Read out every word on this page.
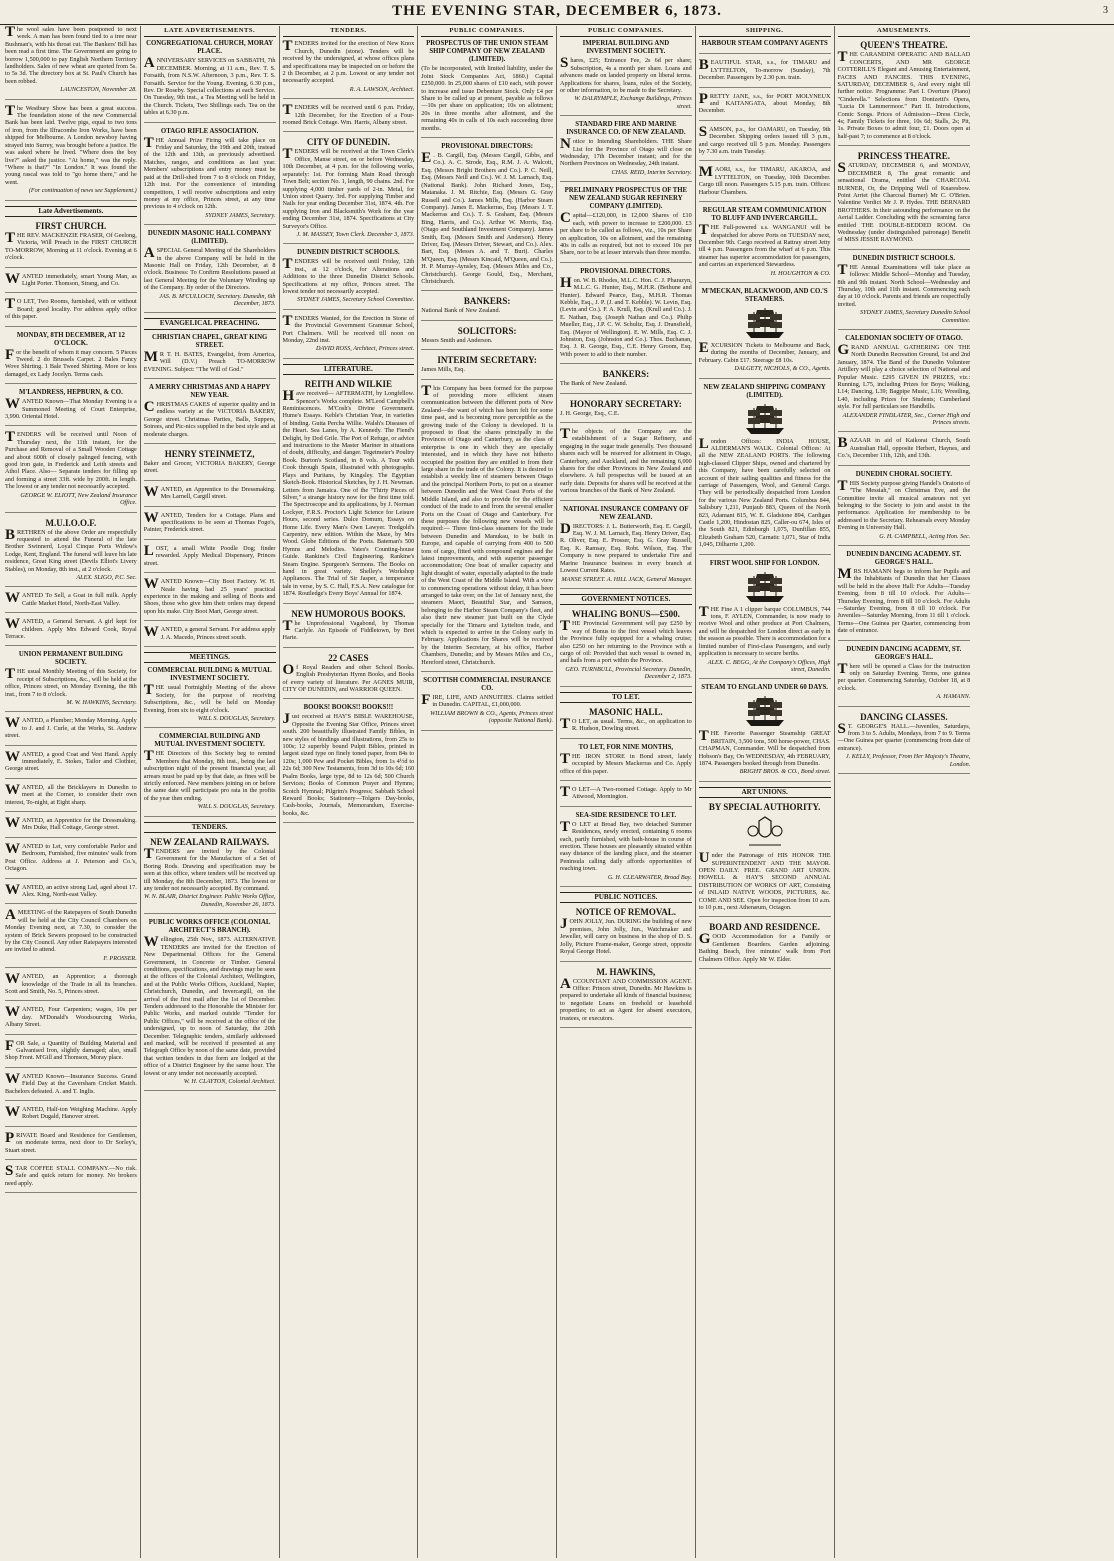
THE EVENING STAR, DECEMBER 6, 1873.	3

The wool sales have been postponed to next week. A man has been found tied to a tree near Bushman's, with his throat cut. The Bankers' Bill has been read a first time. The Government are going to borrow 1,500,000 to pay English Northern Territory landholders. Sales of new wheat are quoted from 5s. to 5s 3d. The directory box at St. Paul's Church has been robbed.

LAUNCESTON, November 28.

The Westbury Show has been a great success. The foundation stone of the new Commercial Bank has been laid. Twelve pigs, equal to two tons of iron, from the Ilfracombe Iron Works, have been shipped for Melbourne. A London newsboy having strayed into Surrey, was brought before a justice. He was asked where he lived. "Where does the boy live?" asked the justice. "At home," was the reply. "Where is that?" "In London." It was found the young rascal was told to "go home there," and he went.

(For continuation of news see Supplement.)

Late Advertisements.
FIRST CHURCH.

THE REV. MACKENZIE FRASER, Of Geelong, Victoria, Will Preach in the FIRST CHURCH TO-MORROW, Morning at 11 o'clock. Evening at 6 o'clock.

WANTED immediately, smart Young Man, as Light Porter. Thomson, Strang, and Co.

T O LET, Two Rooms, furnished, with or without Board; good locality. For address apply office of this paper.

MONDAY, 8TH DECEMBER, AT 12 O'CLOCK.

For the benefit of whom it may concern. 5 Pieces Tweed. 2 do Brussels Carpet. 2 Bales Fancy Wove Shirting. 1 Bale Tweed Shirting. More or less damaged, ex Lady Jocelyn. Terms cash.

M'LANDRESS, HEPBURN, & CO.

WANTED Known—That Monday Evening is a Summoned Meeting of Court Enterprise, 3,990. Oriental Hotel.

TENDERS will be received until Noon of Thursday next, the 11th instant, for the Purchase and Removal of a Small Wooden Cottage and about 600ft of closely palinged fencing, with good iron gate, in Frederick and Leith streets and Athol Place. Also— Separate tenders for filling up and forming a street 33ft. wide by 200ft. in length. The lowest or any tender not necessarily accepted.

GEORGE W. ELIOTT, New Zealand Insurance Office.

M.U.I.O.O.F.

BRETHREN of the above Order are respectfully requested to attend the Funeral of the late Brother Swinnerd, Loyal Cinque Ports Widow's Lodge, Kent, England. The funeral will leave his late residence, Great King street (Devils Elliot's Livery Stables), on Monday, 8th inst., at 2 o'clock.

ALEX. SLIGO, P.C. Sec.

WANTED To Sell, a Goat in full milk. Apply Cattle Market Hotel, North-East Valley.

WANTED, a General Servant. A girl kept for children. Apply Mrs Edward Cook, Royal Terrace.

UNION PERMANENT BUILDING SOCIETY.

THE usual Monthly Meeting of this Society, for receipt of Subscriptions, &c., will be held at the office, Princes street, on Monday Evening, the 8th inst., from 7 to 8 o'clock.

M. W. HAWKINS, Secretary.

WANTED, a Plumber; Monday Morning. Apply to J. and J. Curle, at the Works, St. Andrew street.

WANTED, a good Coat and Vest Hand. Apply immediately, E. Stokes, Tailor and Clothier, George street.

WANTED, all the Bricklayers in Dunedin to meet at the Corner, to consider their own interest, To-night, at Eight sharp.

WANTED, an Apprentice for the Dressmaking. Mrs Duke, Hall Cottage, George street.

WANTED to Let, very comfortable Parlor and Bedroom, Furnished, five minutes' walk from Post Office. Address at J. Peterson and Co.'s, Octagon.

WANTED, an active strong Lad, aged about 17. Alex. King, North-east Valley.

A MEETING of the Ratepayers of South Dunedin will be held at the City Council Chambers on Monday Evening next, at 7.30, to consider the system of Brick Sewers proposed to be constructed by the City Council. Any other Ratepayers interested are invited to attend.

F. PROSSER.

WANTED, an Apprentice; a thorough knowledge of the Trade in all its branches. Scott and Smith, No. 5, Princes street.

WANTED, Four Carpenters; wages, 10s per day. M'Donald's Woodsourcing Works, Albany Street.

FOR Sale, a Quantity of Building Material and Galvanised Iron, slightly damaged; also, small Shop Front. M'Gill and Thomson, Moray place.

WANTED Known—Insurance Success. Grand Field Day at the Caversham Cricket Match. Bachelors defeated. A. and T. Inglis.

WANTED, Half-ton Weighing Machine. Apply Robert Dugald, Hanover street.

PRIVATE Board and Residence for Gentlemen, on moderate terms, next door to Dr Sorley's, Stuart street.

STAR COFFEE STALL COMPANY.—No risk. Safe and quick return for money. No brokers need apply.

LATE ADVERTISEMENTS.
CONGREGATIONAL CHURCH, MORAY PLACE.

ANNIVERSARY SERVICES on SABBATH, 7th DECEMBER. Morning, at 11 a.m., Rev. T. S. Forsaith, from N.S.W. Afternoon, 3 p.m., Rev. T. S. Forsaith. Service for the Young. Evening, 6.30 p.m., Rev. Dr Roseby. Special collections at each Service. On Tuesday, 9th inst., a Tea Meeting will be held in the Church. Tickets, Two Shillings each. Tea on the tables at 6.30 p.m.

OTAGO RIFLE ASSOCIATION.

THE Annual Prize Firing will take place on Friday and Saturday, the 19th and 20th, instead of the 12th and 13th, as previously advertised. Matches, ranges, and conditions as last year. Members' subscriptions and entry money must be paid at the Drill-shed from 7 to 8 o'clock on Friday, 12th inst. For the convenience of intending competitors, I will receive subscriptions and entry money at my office, Princes street, at any time previous to 4 o'clock on 12th.

SYDNEY JAMES, Secretary.

DUNEDIN MASONIC HALL COMPANY (LIMITED).

A SPECIAL General Meeting of the Shareholders in the above Company will be held in the Masonic Hall on Friday, 12th December, at 8 o'clock. Business: To Confirm Resolutions passed at last General Meeting for the Voluntary Winding up of the Company. By order of the Directors.

JAS. B. M'CULLOCH, Secretary. Dunedin, 6th December, 1873.

EVANGELICAL PREACHING.
CHRISTIAN CHAPEL, GREAT KING STREET.

M R T. H. BATES, Evangelist, from America, Will (D.V.) Preach TO-MORROW EVENING. Subject: "The Will of God."

A MERRY CHRISTMAS AND A HAPPY NEW YEAR.

CHRISTMAS CAKES of superior quality and in endless variety at the VICTORIA BAKERY, George street. Christmas Parties, Balls, Suppers, Soirees, and Pic-nics supplied in the best style and at moderate charges.

HENRY STEINMETZ,

Baker and Grocer, VICTORIA BAKERY, George street.

WANTED, an Apprentice to the Dressmaking. Mrs Larnell, Cargill street.

WANTED, Tenders for a Cottage. Plans and specifications to be seen at Thomas Fogo's, Painter, Frederick street.

LOST, a small White Poodle Dog; finder rewarded. Apply Medical Dispensary, Princes street.

WANTED Known—City Boot Factory. W. H. Neale having had 25 years' practical experience in the making and selling of Boots and Shoes, those who give him their orders may depend upon his make. City Boot Mart, George street.

WANTED, a general Servant. For address apply J. A. Macedo, Princes street south.

MEETINGS.
COMMERCIAL BUILDING & MUTUAL INVESTMENT SOCIETY.

THE usual Fortnightly Meeting of the above Society, for the purpose of receiving Subscriptions, &c., will be held on Monday Evening, from six to eight o'clock.

WILL S. DOUGLAS, Secretary.

COMMERCIAL BUILDING AND MUTUAL INVESTMENT SOCIETY.

THE Directors of this Society beg to remind Members that Monday, 8th inst., being the last subscription night of the present financial year, all arrears must be paid up by that date, as fines will be strictly enforced. New members joining on or before the same date will participate pro rata in the profits of the year then ending.

WILL S. DOUGLAS, Secretary.

TENDERS.
NEW ZEALAND RAILWAYS.

TENDERS are invited by the Colonial Government for the Manufacture of a Set of Boring Rods. Drawing and specification may be seen at this office, where tenders will be received up till Monday, the 8th December, 1873. The lowest or any tender not necessarily accepted. By command.

W. N. BLAIR, District Engineer. Public Works Office, Dunedin, November 26, 1873.

PUBLIC WORKS OFFICE (COLONIAL ARCHITECT'S BRANCH).

Wellington, 25th Nov., 1873. ALTERNATIVE TENDERS are invited for the Erection of New Departmental Offices for the General Government, in Concrete or Timber. General conditions, specifications, and drawings may be seen at the offices of the Colonial Architect, Wellington, and at the Public Works Offices, Auckland, Napier, Christchurch, Dunedin, and Invercargill, on the arrival of the first mail after the 1st of December. Tenders addressed to the Honorable the Minister for Public Works, and marked outside "Tender for Public Offices," will be received at the office of the undersigned, up to noon of Saturday, the 20th December. Telegraphic tenders, similarly addressed and marked, will be received if presented at any Telegraph Office by noon of the same date, provided that written tenders in due form are lodged at the office of a District Engineer by the same hour. The lowest or any tender not necessarily accepted.

W. H. CLAYTON, Colonial Architect.

TENDERS.

TENDERS invited for the erection of New Knox Church, Dunedin (stone). Tenders will be received by the undersigned, at whose offices plans and specifications may be inspected on or before the 2 th December, at 2 p.m. Lowest or any tender not necessarily accepted.

R. A. LAWSON, Architect.

TENDERS will be received until 6 p.m. Friday, 12th December, for the Erection of a Four-roomed Brick Cottage. Wm. Harris, Albany street.

CITY OF DUNEDIN.

TENDERS will be received at the Town Clerk's Office, Manse street, on or before Wednesday, 10th December, at 4 p.m. for the following works, separately: 1st. For forming Main Road through Town Belt; section No. 1, length, 90 chains. 2nd. For supplying 4,000 timber yards of 2-in. Metal, for Union street Quarry. 3rd. For supplying Timber and Nails for year ending December 31st, 1874. 4th. For supplying Iron and Blacksmith's Work for the year ending December 31st, 1874. Specifications at City Surveyor's Office.

J. M. MASSEY, Town Clerk. December 3, 1873.

DUNEDIN DISTRICT SCHOOLS.

TENDERS will be received until Friday, 12th inst., at 12 o'clock, for Alterations and Additions to the three Dunedin District Schools. Specifications at my office, Princes street. The lowest tender not necessarily accepted.

SYDNEY JAMES, Secretary School Committee.

TENDERS Wanted, for the Erection in Stone of the Provincial Government Grammar School, Port Chalmers. Will be received till noon on Monday, 22nd inst.

DAVID ROSS, Architect, Princes street.

LITERATURE.
REITH AND WILKIE

Have received— AFTERMATH, by Longfellow. Spencer's Works complete. M'Leod Campbell's Reminiscences. M'Cosh's Divine Government. Hume's Essays. Keble's Christian Year, in varieties of binding. Gutta Percha Willie. Walsh's Diseases of the Heart. Sea Lanes, by A. Kennedy. The Fiend's Delight, by Dod Grile. The Port of Refuge, or advice and instructions to the Master Mariner in situations of doubt, difficulty, and danger. Tegetmeier's Poultry Book. Burton's Scotland, in 8 vols. A Tour with Cook through Spain, illustrated with photographs. Plays and Puritans, by Kingsley. The Egyptian Sketch-Book. Historical Sketches, by J. H. Newman. Letters from Jamaica. One of the "Thirty Pieces of Silver," a strange history now for the first time told. The Spectroscope and its applications, by J. Norman Lockyer, F.R.S. Proctor's Light Science for Leisure Hours, second series. Dulce Domum, Essays on Home Life. Every Man's Own Lawyer. Tredgold's Carpentry, new edition. Within the Maze, by Mrs Wood. Globe Editions of the Poets. Bateman's 500 Hymns and Melodies. Yates's Counting-house Guide. Rankine's Civil Engineering. Rankine's Steam Engine. Spurgeon's Sermons. The Books on hand in great variety. Shelley's Workshop Appliances. The Trial of Sir Jasper, a temperance tale in verse, by S. C. Hall, F.S.A. New catalogue for 1874. Routledge's Every Boys' Annual for 1874.

NEW HUMOROUS BOOKS.

The Unprofessional Vagabond, by Thomas Carlyle. An Episode of Fiddletown, by Bret Harte.

22 CASES

Of Royal Readers and other School Books. English Presbyterian Hymn Books, and Books of every variety of literature. Per AGNES MUIR, CITY OF DUNEDIN, and WARRIOR QUEEN.

BOOKS! BOOKS!! BOOKS!!!

Just received at HAY'S BIBLE WAREHOUSE, Opposite the Evening Star Office, Princes street south. 200 beautifully illustrated Family Bibles, in new styles of bindings and illustrations, from 25s to 100s; 12 superbly bound Pulpit Bibles, printed in largest sized type on finely toned paper, from 84s to 120s; 1,000 Pew and Pocket Bibles, from 1s 4½d to 22s 6d; 300 New Testaments, from 3d to 10s 6d; 160 Psalm Books, large type, 8d to 12s 6d; 500 Church Services; Books of Common Prayer and Hymns; Scotch Hymnal; Pilgrim's Progress; Sabbath School Reward Books; Stationery—Tolgers Day-books, Cash-books, Journals, Memorandum, Exercise-books, &c.

PUBLIC COMPANIES.
PROSPECTUS OF THE UNION STEAM SHIP COMPANY OF NEW ZEALAND (LIMITED).

(To be incorporated, with limited liability, under the Joint Stock Companies Act, 1860.) Capital £250,000. In 25,000 shares of £10 each, with power to increase and issue Debenture Stock. Only £4 per Share to be called up at present, payable as follows—10s per share on application; 10s on allotment; 20s in three months after allotment, and the remaining 40s in calls of 10s each succeeding three months.

PROVISIONAL DIRECTORS:

E . B. Cargill, Esq. (Messrs Cargill, Gibbs, and Co.). A. C. Strode, Esq., R.M. J. A. Walcott, Esq. (Messrs Bright Brothers and Co.). P. C. Neill, Esq. (Messrs Neill and Co.). W. J. M. Larnach, Esq. (National Bank). John Richard Jones, Esq., Matanaka. J. M. Ritchie, Esq. (Messrs G. Gray Russell and Co.). James Mills, Esq. (Harbor Steam Company). James E. Mackerras, Esq. (Messrs J. T. Mackerras and Co.). T. S. Graham, Esq. (Messrs Bing, Harris, and Co.). Arthur W. Morris, Esq. (Otago and Southland Investment Company). James Smith, Esq. (Messrs Smith and Anderson). Henry Driver, Esq. (Messrs Driver, Stewart, and Co.). Alex. Bart, Esq. (Messrs A. and T. Burt). Charles M'Queen, Esq. (Messrs Kincaid, M'Queen, and Co.). H. P. Murray-Aynsley, Esq. (Messrs Miles and Co., Christchurch). George Gould, Esq., Merchant, Christchurch.

BANKERS:

National Bank of New Zealand.

SOLICITORS:

Messrs Smith and Anderson.

INTERIM SECRETARY:

James Mills, Esq.

This Company has been formed for the purpose of providing more efficient steam communication between the different ports of New Zealand—the want of which has been felt for some time past, and is becoming more perceptible as the growing trade of the Colony is developed. It is proposed to float the shares principally in the Provinces of Otago and Canterbury, as the class of enterprise is one in which they are specially interested, and in which they have not hitherto occupied the position they are entitled to from their large share in the trade of the Colony. It is desired to establish a weekly line of steamers between Otago and the principal Northern Ports, to put on a steamer between Dunedin and the West Coast Ports of the Middle Island, and also to provide for the efficient conduct of the trade to and from the several smaller Ports on the Coast of Otago and Canterbury. For these purposes the following new vessels will be required:— Three first-class steamers for the trade between Dunedin and Manukau, to be built in Europe, and capable of carrying from 400 to 500 tons of cargo, fitted with compound engines and the latest improvements, and with superior passenger accommodation; One boat of smaller capacity and light draught of water, especially adapted to the trade of the West Coast of the Middle Island. With a view to commencing operations without delay, it has been arranged to take over, on the 1st of January next, the steamers Maori, Beautiful Star, and Samson, belonging to the Harbor Steam Company's fleet, and also their new steamer just built on the Clyde specially for the Timaru and Lyttelton trade, and which is expected to arrive in the Colony early in February. Applications for Shares will be received by the Interim Secretary, at his office, Harbor Chambers, Dunedin; and by Messrs Miles and Co., Hereford street, Christchurch.

SCOTTISH COMMERCIAL INSURANCE CO.

FIRE, LIFE, AND ANNUITIES. Claims settled in Dunedin. CAPITAL, £1,000,000.

WILLIAM BROWN & CO., Agents, Princes street (opposite National Bank).

PUBLIC COMPANIES.
IMPERIAL BUILDING AND INVESTMENT SOCIETY.

Shares, £25; Entrance Fee, 2s 6d per share; Subscription, 4s a month per share. Loans and advances made on landed property on liberal terms. Applications for shares, loans, rules of the Society, or other information, to be made to the Secretary.

W. DALRYMPLE, Exchange Buildings, Princes street.

STANDARD FIRE AND MARINE INSURANCE CO. OF NEW ZEALAND.

Notice to Intending Shareholders. THE Share List for the Province of Otago will close on Wednesday, 17th December instant; and for the Northern Provinces on Wednesday, 24th instant.

CHAS. REID, Interim Secretary.

PRELIMINARY PROSPECTUS OF THE NEW ZEALAND SUGAR REFINERY COMPANY (LIMITED).

Capital—£120,000, in 12,000 Shares of £10 each, with power to increase to £200,000. £3 per share to be called as follows, viz., 10s per Share on application, 10s on allotment, and the remaining 40s in calls as required, but not to exceed 10s per Share, nor to be at lesser intervals than three months.

PROVISIONAL DIRECTORS.

Hon. W. B. Rhodes, M.L.C. Hon. C. J. Pharazyn, M.L.C. G. Hunter, Esq., M.H.R. (Bethune and Hunter). Edward Pearce, Esq., M.H.R. Thomas Kebble, Esq., J. P. (J. and T. Kebble). W. Levin, Esq. (Levin and Co.). F. A. Krull, Esq. (Krull and Co.). J. E. Nathan, Esq. (Joseph Nathan and Co.). Philip Mueller, Esq., J.P. C. W. Schultz, Esq. J. Dransfield, Esq. (Mayor of Wellington). E. W. Mills, Esq. C. J. Johnston, Esq. (Johnston and Co.). Thos. Buchanan, Esq. J. R. George, Esq., C.E. Henry Groom, Esq. With power to add to their number.

BANKERS:

The Bank of New Zealand.

HONORARY SECRETARY:

J. H. George, Esq., C.E.

The objects of the Company are the establishment of a Sugar Refinery, and engaging in the sugar trade generally. Two thousand shares each will be reserved for allotment in Otago, Canterbury, and Auckland, and the remaining 6,000 shares for the other Provinces in New Zealand and elsewhere. A full prospectus will be issued at an early date. Deposits for shares will be received at the various branches of the Bank of New Zealand.

NATIONAL INSURANCE COMPANY OF NEW ZEALAND.

DIRECTORS: J. L. Butterworth, Esq. E. Cargill, Esq. W. J. M. Larnach, Esq. Henry Driver, Esq. R. Oliver, Esq. E. Prosser, Esq. G. Gray Russell, Esq. K. Ramsay, Esq. Robt. Wilson, Esq. The Company is now prepared to undertake Fire and Marine Insurance business in every branch at Lowest Current Rates.

MANSE STREET. A. HILL JACK, General Manager.

GOVERNMENT NOTICES.
WHALING BONUS—£500.

THE Provincial Government will pay £250 by way of Bonus to the first vessel which leaves the Province fully equipped for a whaling cruise; also £250 on her returning to the Province with a cargo of oil: Provided that such vessel is owned in, and hails from a port within the Province.

GEO. TURNBULL, Provincial Secretary. Dunedin, December 2, 1873.

TO LET.
MASONIC HALL.

T O LET, as usual. Terms, &c., on application to R. Hudson, Dowling street.

TO LET, FOR NINE MONTHS,

THE IRON STORE in Bond street, lately occupied by Messrs Mackerras and Co. Apply office of this paper.

T O LET—A Two-roomed Cottage. Apply to Mr Attwood, Mornington.

SEA-SIDE RESIDENCE TO LET.

T O LET at Broad Bay, two detached Summer Residences, newly erected, containing 6 rooms each, partly furnished, with bath-house in course of erection. These houses are pleasantly situated within easy distance of the landing place, and the steamer Peninsula calling daily affords opportunities of reaching town.

G. H. CLEARWATER, Broad Bay.

PUBLIC NOTICES.
NOTICE OF REMOVAL.

JOHN JOLLY, Jun. DURING the building of new premises, John Jolly, Jun., Watchmaker and Jeweller, will carry on business in the shop of D. S. Jolly, Picture Frame-maker, George street, opposite Royal George Hotel.

M. HAWKINS,

ACCOUNTANT AND COMMISSION AGENT. Office: Princes street, Dunedin. Mr Hawkins is prepared to undertake all kinds of financial business; to negotiate Loans on freehold or leasehold properties; to act as Agent for absent executors, trustees, or executors.

SHIPPING.
HARBOUR STEAM COMPANY AGENTS

BEAUTIFUL STAR, s.s., for TIMARU and LYTTELTON, To-morrow (Sunday), 7th December. Passengers by 2.30 p.m. train.

PRETTY JANE, s.s., for PORT MOLYNEUX and KAITANGATA, about Monday, 8th December.

SAMSON, p.s., for OAMARU, on Tuesday, 9th December. Shipping orders issued till 3 p.m., and cargo received till 5 p.m. Monday. Passengers by 7.30 a.m. train Tuesday.

MAORI, s.s., for TIMARU, AKAROA, and LYTTELTON, on Tuesday, 10th December. Cargo till noon. Passengers 5.15 p.m. train. Offices: Harbour Chambers.

REGULAR STEAM COMMUNICATION TO BLUFF AND INVERCARGILL.

THE Full-powered s.s. WANGANUI will be despatched for above Ports on TUESDAY next, December 9th. Cargo received at Rattray street Jetty till 4 p.m. Passengers from the wharf at 6 p.m. This steamer has superior accommodation for passengers, and carries an experienced Stewardess.

H. HOUGHTON & CO.

M'MECKAN, BLACKWOOD, AND CO.'S STEAMERS.

EXCURSION Tickets to Melbourne and Back, during the months of December, January, and February. Cabin £17. Steerage £8 10s.

DALGETY, NICHOLS, & CO., Agents.

NEW ZEALAND SHIPPING COMPANY (LIMITED).

London Offices: INDIA HOUSE, ALDERMAN'S WALK. Colonial Offices: At all the NEW ZEALAND PORTS. The following high-classed Clipper Ships, owned and chartered by this Company, have been carefully selected on account of their sailing qualities and fitness for the carriage of Passengers, Wool, and General Cargo. They will be periodically despatched from London for the various New Zealand Ports. Columbus 844, Salisbury 1,211, Punjaub 883, Queen of the North 823, Adamant 815, W. E. Gladstone 894, Cardigan Castle 1,200, Hindostan 825, Caller-ou 674, Isles of the South 821, Edinburgh 1,075, Dunfillan 855, Elizabeth Graham 520, Carnatic 1,071, Star of India 1,045, Dilharrie 1,200.

FIRST WOOL SHIP FOR LONDON.

THE Fine A 1 clipper barque COLUMBUS, 744 tons, F. AYLEN, Commander, is now ready to receive Wool and other produce at Port Chalmers, and will be despatched for London direct as early in the season as possible. There is accommodation for a limited number of First-class Passengers, and early application is necessary to secure berths.

ALEX. C. BEGG, At the Company's Offices, High street, Dunedin.

STEAM TO ENGLAND UNDER 60 DAYS.

THE Favorite Passenger Steamship GREAT BRITAIN, 3,500 tons, 500 horse-power, CHAS. CHAPMAN, Commander. Will be despatched from Hobson's Bay, On WEDNESDAY, 4th FEBRUARY, 1874. Passengers booked through from Dunedin.

BRIGHT BROS. & CO., Bond street.

ART UNIONS.
BY SPECIAL AUTHORITY.

Under the Patronage of HIS HONOR THE SUPERINTENDENT AND THE MAYOR. OPEN DAILY. FREE. GRAND ART UNION. HOWELL & HAY'S SECOND ANNUAL DISTRIBUTION OF WORKS OF ART, Consisting of INLAID NATIVE WOODS, PICTURES, &c. COME AND SEE. Open for inspection from 10 a.m. to 10 p.m., next Athenæum, Octagon.

BOARD AND RESIDENCE.

GOOD Accommodation for a Family or Gentlemen Boarders. Garden adjoining. Bathing Beach, five minutes' walk from Port Chalmers Office. Apply Mr W. Elder.

AMUSEMENTS.
QUEEN'S THEATRE.

THE CARANDINI OPERATIC AND BALLAD CONCERTS, AND MR GEORGE COTTERILL'S Elegant and Amusing Entertainment, FACES AND FANCIES. THIS EVENING, SATURDAY, DECEMBER 6, And every night till further notice. Programme: Part I. Overture (Piano) "Cinderella." Selections from Donizetti's Opera, "Lucia Di Lammermoor." Part II. Introductions, Comic Songs. Prices of Admission—Dress Circle, 4s; Family Tickets for three, 10s 6d; Stalls, 2s; Pit, 1s. Private Boxes to admit four, £1. Doors open at half-past 7; to commence at 8 o'clock.

PRINCESS THEATRE.

SATURDAY, DECEMBER 6, and MONDAY, DECEMBER 8, The great romantic and sensational Drama, entitled the CHARCOAL BURNER, Or, the Dripping Well of Knaresbow. Point Arriet (the Charcoal Burner) Mr C. O'Brien. Valentine Verdict Mr J. P. Hydes. THE BERNARD BROTHERS. In their astounding performance on the Aerial Ladder. Concluding with the screaming farce entitled THE DOUBLE-BEDDED ROOM. On Wednesday (under distinguished patronage) Benefit of MISS JESSIE RAYMOND.

DUNEDIN DISTRICT SCHOOLS.

THE Annual Examinations will take place as follows: Middle School—Monday and Tuesday, 8th and 9th instant. North School—Wednesday and Thursday, 10th and 11th instant. Commencing each day at 10 o'clock. Parents and friends are respectfully invited.

SYDNEY JAMES, Secretary Dunedin School Committee.

CALEDONIAN SOCIETY OF OTAGO.

GRAND ANNUAL GATHERING ON THE North Dunedin Recreation Ground, 1st and 2nd January, 1874. The Band of the Dunedin Volunteer Artillery will play a choice selection of National and Popular Music. £295 GIVEN IN PRIZES, viz.: Running, L75, including Prizes for Boys; Walking, L14; Dancing, L39; Bagpipe Music, L16; Wrestling, L40, including Prizes for Students; Cumberland style. For full particulars see Handbills.

ALEXANDER FINDLATER, Sec., Corner High and Princes streets.

BAZAAR in aid of Kaikorai Church, South Australian Hall, opposite Herbert, Haynes, and Co.'s, December 11th, 12th, and 13th.

DUNEDIN CHORAL SOCIETY.

THIS Society purpose giving Handel's Oratorio of "The Messiah," on Christmas Eve, and the Committee invite all musical amateurs not yet belonging to the Society to join and assist in the performance. Application for membership to be addressed to the Secretary. Rehearsals every Monday Evening in University Hall.

G. H. CAMPBELL, Acting Hon. Sec.

DUNEDIN DANCING ACADEMY. ST. GEORGE'S HALL.

MRS HAMANN begs to inform her Pupils and the Inhabitants of Dunedin that her Classes will be held in the above Hall: For Adults—Tuesday Evening, from 8 till 10 o'clock. For Adults—Thursday Evening, from 8 till 10 o'clock. For Adults—Saturday Evening, from 8 till 10 o'clock. For Juveniles—Saturday Morning, from 11 till 1 o'clock. Terms—One Guinea per Quarter, commencing from date of entrance.

DUNEDIN DANCING ACADEMY, ST. GEORGE'S HALL.

There will be opened a Class for the instruction only on Saturday Evening. Terms, one guinea per quarter. Commencing Saturday, October 18, at 8 o'clock.

A. HAMANN.

DANCING CLASSES.

S T. GEORGE'S HALL.—Juveniles, Saturdays, from 3 to 5. Adults, Mondays, from 7 to 9. Terms—One Guinea per quarter (commencing from date of entrance).

J. KELLY, Professor, From Her Majesty's Theatre, London.
